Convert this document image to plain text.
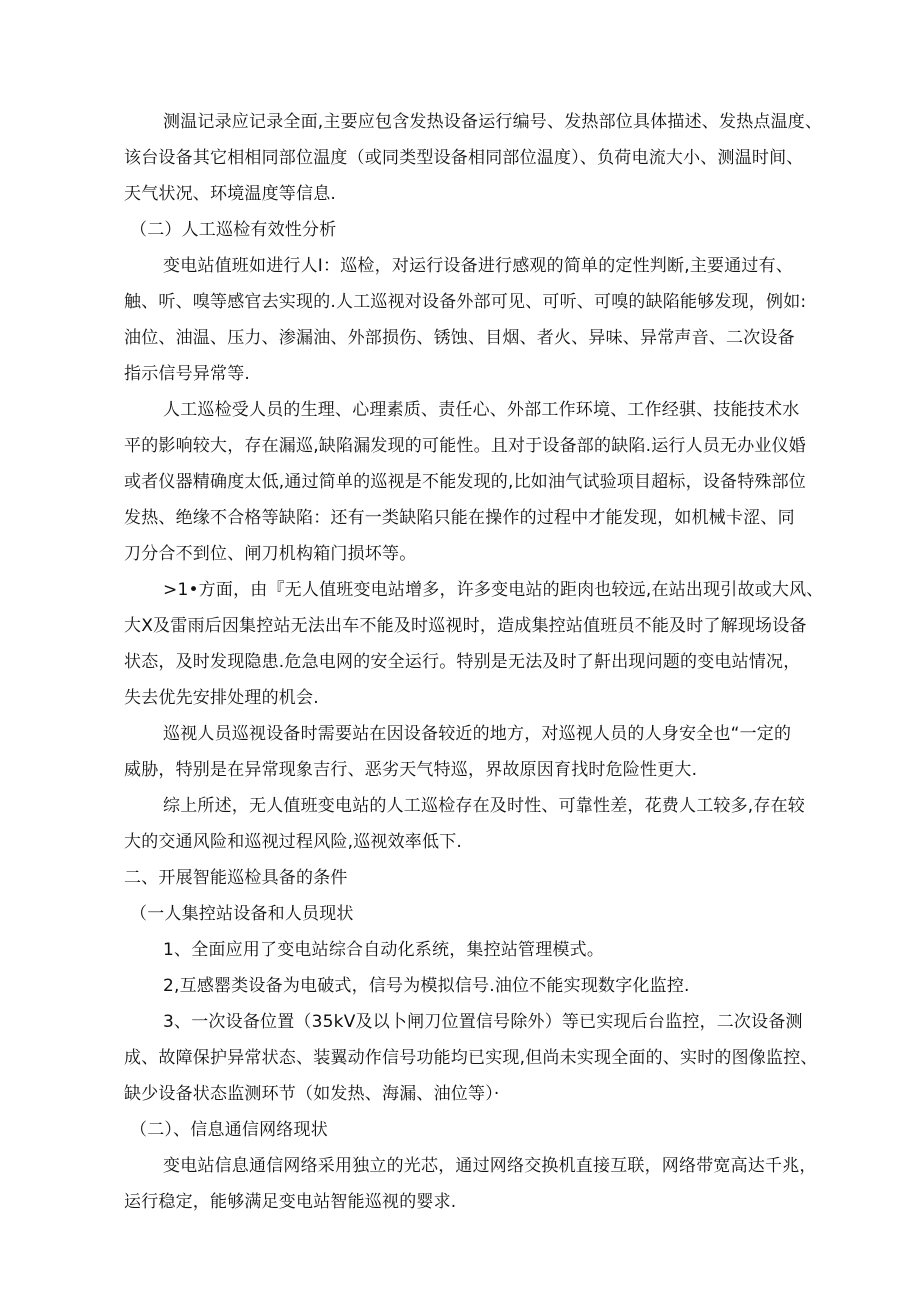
测温记录应记录全面,主要应包含发热设备运行编号、发热部位具体描述、发热点温度、
该台设备其它相相同部位温度（或同类型设备相同部位温度）、负荷电流大小、测温时间、
天气状况、环境温度等信息.
（二）人工巡检有效性分析
变电站值班如进行人I：巡检，对运行设备进行感观的简单的定性判断,主要通过有、
触、听、嗅等感官去实现的.人工巡视对设备外部可见、可听、可嗅的缺陷能够发现，例如:
油位、油温、压力、渗漏油、外部损伤、锈蚀、目烟、者火、异味、异常声音、二次设备
指示信号异常等.
人工巡检受人员的生理、心理素质、责任心、外部工作环境、工作经骐、技能技术水
平的影响较大，存在漏巡,缺陷漏发现的可能性。且对于设备部的缺陷.运行人员无办业仪婚
或者仪器精确度太低,通过简单的巡视是不能发现的,比如油气试验项目超标，设备特殊部位
发热、绝缘不合格等缺陷：还有一类缺陷只能在操作的过程中才能发现，如机械卡涩、同
刀分合不到位、闸刀机构箱门损坏等。
>1•方面，由『无人值班变电站增多，许多变电站的距肉也较远,在站出现引故或大风、
大X及雷雨后因集控站无法出车不能及时巡视时，造成集控站值班员不能及时了解现场设备
状态，及时发现隐患.危急电网的安全运行。特别是无法及时了鼾出现问题的变电站情况，
失去优先安排处理的机会.
巡视人员巡视设备时需要站在因设备较近的地方，对巡视人员的人身安全也“一定的
威胁，特别是在异常现象吉行、恶劣天气特巡，界故原因育找时危险性更大.
综上所述，无人值班变电站的人工巡检存在及时性、可靠性差，花费人工较多,存在较
大的交通风险和巡视过程风险,巡视效率低下.
二、开展智能巡检具备的条件
（一人集控站设备和人员现状
1、全面应用了变电站综合自动化系统，集控站管理模式。
2,互感罂类设备为电破式，信号为模拟信号.油位不能实现数字化监控.
3、一次设备位置（35kV及以卜闸刀位置信号除外）等已实现后台监控，二次设备测
成、故障保护异常状态、装翼动作信号功能均已实现,但尚未实现全面的、实时的图像监控、
缺少设备状态监测环节（如发热、海漏、油位等）·
（二）、信息通信网络现状
变电站信息通信网络采用独立的光芯，通过网络交换机直接互联，网络带宽高达千兆，
运行稳定，能够满足变电站智能巡视的婴求.
